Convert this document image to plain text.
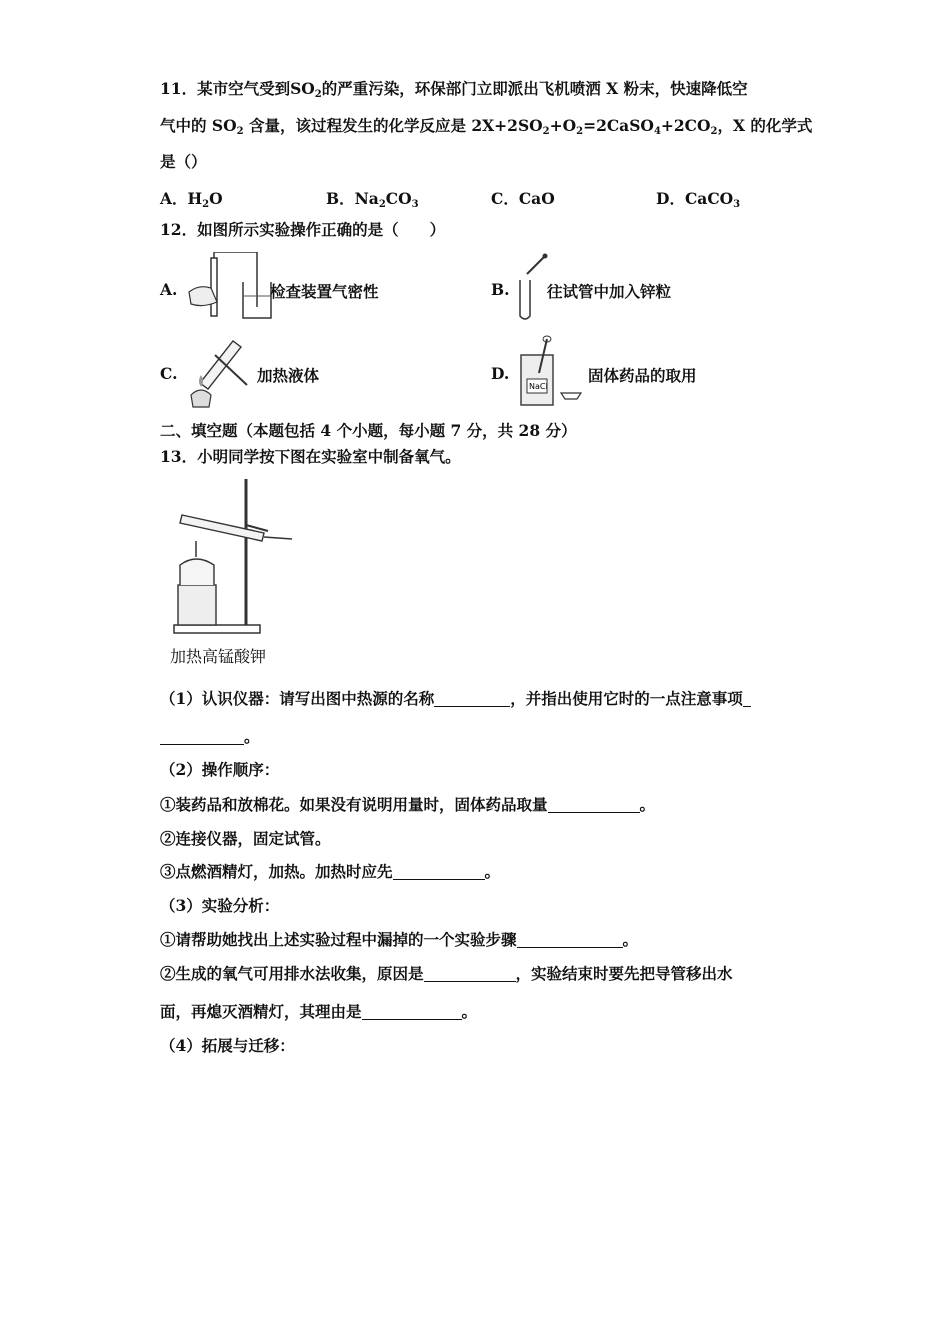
11．某市空气受到$SO_2$的严重污染，环保部门立即派出飞机喷洒 X 粉末，快速降低空
气中的 $SO_2$ 含量，该过程发生的化学反应是 $2X+2SO_2+O_2=2CaSO_4+2CO_2$，X 的化学式
是（）
A．$H_2O$	B．$Na_2CO_3$	C．CaO	D．CaCO$_3$
12．如图所示实验操作正确的是（　　）
A.	检查装置气密性	B. 往试管中加入锌粒
C.	加热液体	D.
NaCl
固体药品的取用
二、填空题（本题包括 4 个小题，每小题 7 分，共 28 分）
13．小明同学按下图在实验室中制备氧气。
加热高锰酸钾
（1）认识仪器：请写出图中热源的名称	，并指出使用它时的一点注意事项
。
（2）操作顺序：
①装药品和放棉花。如果没有说明用量时，固体药品取量	。
②连接仪器，固定试管。
③点燃酒精灯，加热。加热时应先	。
（3）实验分析：
①请帮助她找出上述实验过程中漏掉的一个实验步骤	。
②生成的氧气可用排水法收集，原因是	，实验结束时要先把导管移出水
面，再熄灭酒精灯，其理由是	。
（4）拓展与迁移：
